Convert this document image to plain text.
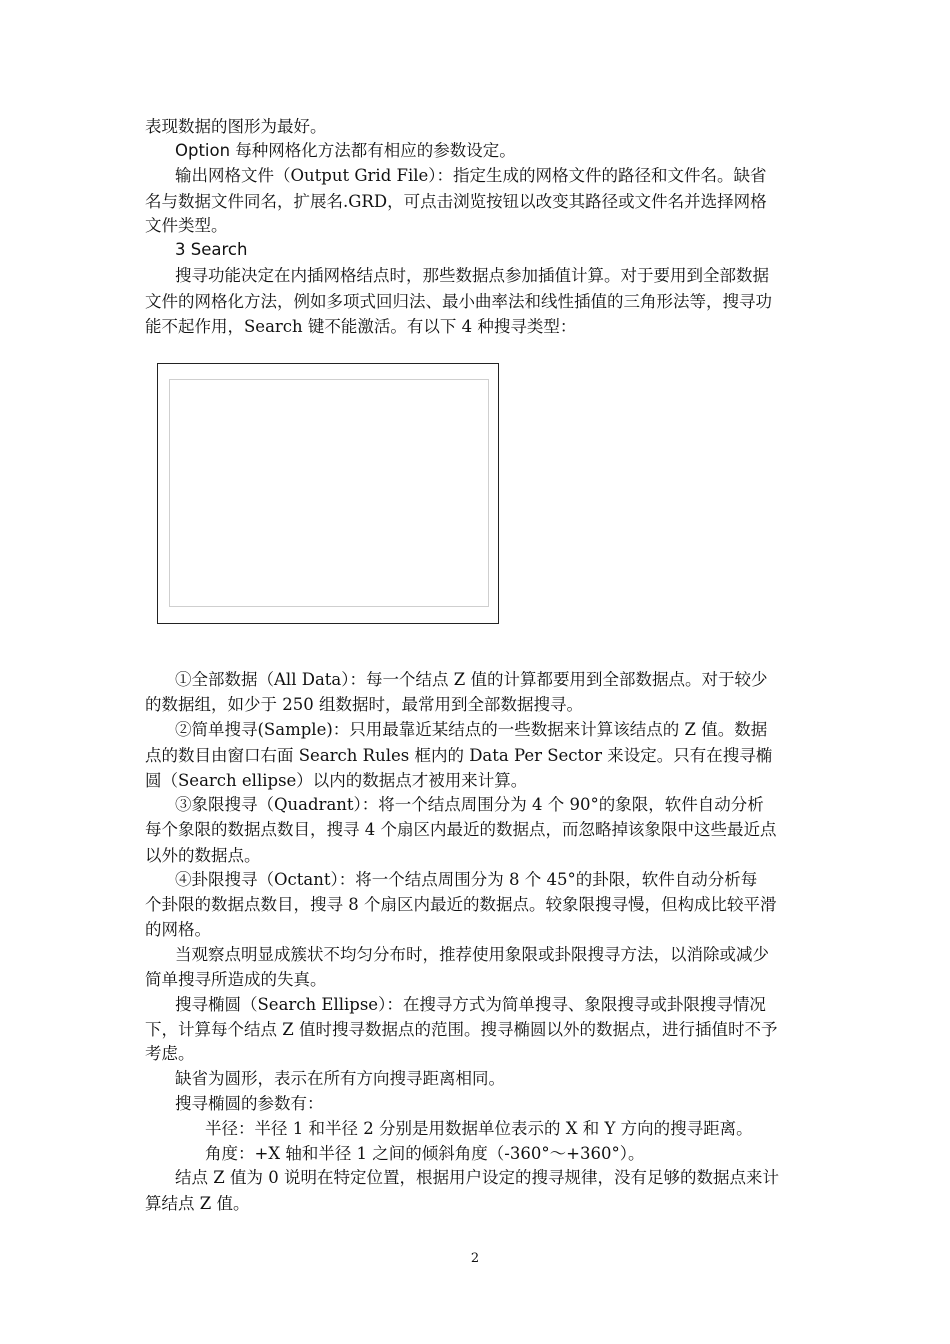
表现数据的图形为最好。
Option 每种网格化方法都有相应的参数设定。
输出网格文件（Output Grid File）：指定生成的网格文件的路径和文件名。缺省
名与数据文件同名，扩展名.GRD，可点击浏览按钮以改变其路径或文件名并选择网格
文件类型。
3 Search
搜寻功能决定在内插网格结点时，那些数据点参加插值计算。对于要用到全部数据
文件的网格化方法，例如多项式回归法、最小曲率法和线性插值的三角形法等，搜寻功
能不起作用，Search 键不能激活。有以下 4 种搜寻类型：
①全部数据（All Data）：每一个结点 Z 值的计算都要用到全部数据点。对于较少
的数据组，如少于 250 组数据时，最常用到全部数据搜寻。
②简单搜寻(Sample)：只用最靠近某结点的一些数据来计算该结点的 Z 值。数据
点的数目由窗口右面 Search Rules 框内的 Data Per Sector 来设定。只有在搜寻椭
圆（Search ellipse）以内的数据点才被用来计算。
③象限搜寻（Quadrant）：将一个结点周围分为 4 个 90°的象限，软件自动分析
每个象限的数据点数目，搜寻 4 个扇区内最近的数据点，而忽略掉该象限中这些最近点
以外的数据点。
④卦限搜寻（Octant）：将一个结点周围分为 8 个 45°的卦限，软件自动分析每
个卦限的数据点数目，搜寻 8 个扇区内最近的数据点。较象限搜寻慢，但构成比较平滑
的网格。
当观察点明显成簇状不均匀分布时，推荐使用象限或卦限搜寻方法，以消除或减少
简单搜寻所造成的失真。
搜寻椭圆（Search Ellipse）：在搜寻方式为简单搜寻、象限搜寻或卦限搜寻情况
下，计算每个结点 Z 值时搜寻数据点的范围。搜寻椭圆以外的数据点，进行插值时不予
考虑。
缺省为圆形，表示在所有方向搜寻距离相同。
搜寻椭圆的参数有：
半径：半径 1 和半径 2 分别是用数据单位表示的 X 和 Y 方向的搜寻距离。
角度：+X 轴和半径 1 之间的倾斜角度（-360°～+360°）。
结点 Z 值为 0 说明在特定位置，根据用户设定的搜寻规律，没有足够的数据点来计
算结点 Z 值。
2
